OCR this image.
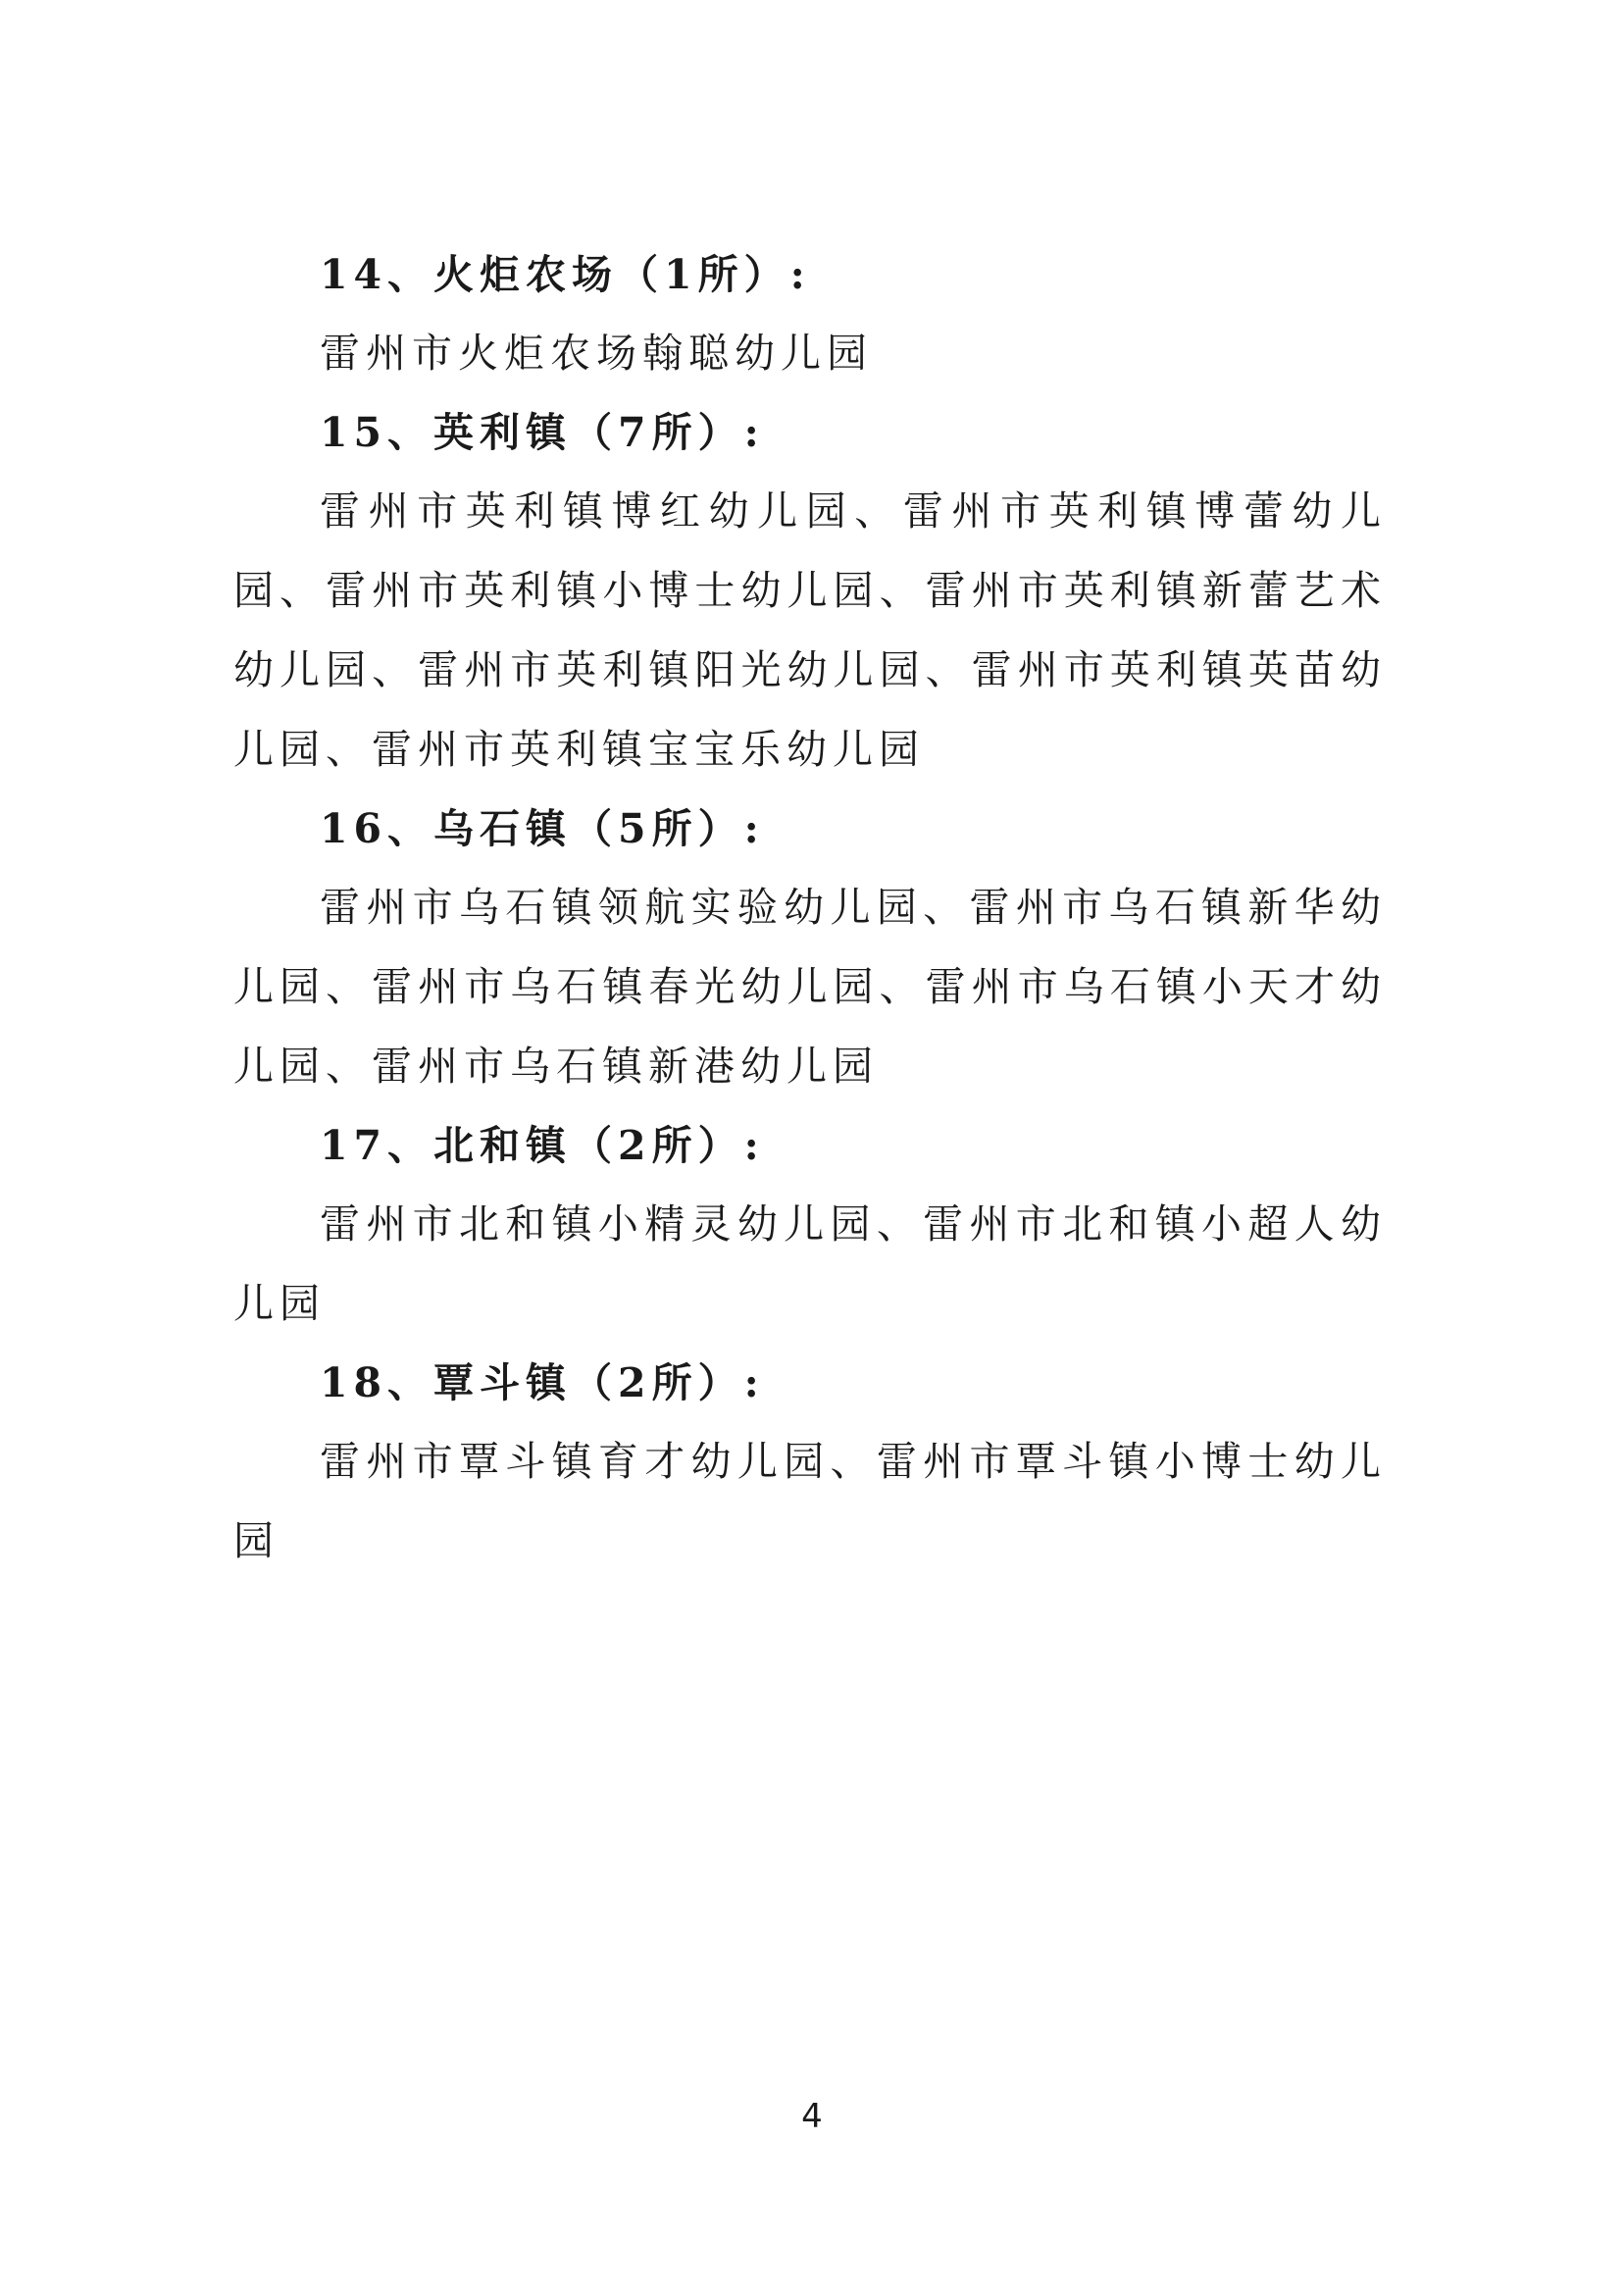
14、火炬农场（1所）:
雷州市火炬农场翰聪幼儿园
15、英利镇（7所）:
雷州市英利镇博红幼儿园、雷州市英利镇博蕾幼儿园、雷州市英利镇小博士幼儿园、雷州市英利镇新蕾艺术幼儿园、雷州市英利镇阳光幼儿园、雷州市英利镇英苗幼儿园、雷州市英利镇宝宝乐幼儿园
16、乌石镇（5所）:
雷州市乌石镇领航实验幼儿园、雷州市乌石镇新华幼儿园、雷州市乌石镇春光幼儿园、雷州市乌石镇小天才幼儿园、雷州市乌石镇新港幼儿园
17、北和镇（2所）:
雷州市北和镇小精灵幼儿园、雷州市北和镇小超人幼儿园
18、覃斗镇（2所）:
雷州市覃斗镇育才幼儿园、雷州市覃斗镇小博士幼儿园
4
